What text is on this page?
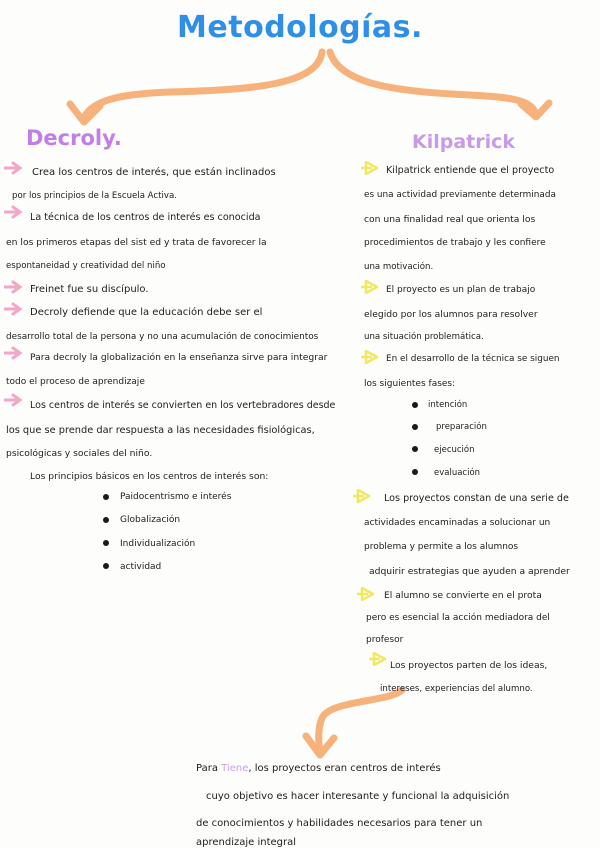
Metodologías.
Decroly.
Crea los centros de interés, que están inclinados
por los principios de la Escuela Activa.
La técnica de los centros de interés es conocida
en los primeros etapas del sist ed y trata de favorecer la
espontaneidad y creatividad del niño
Freinet fue su discípulo.
Decroly defiende que la educación debe ser el
desarrollo total de la persona y no una acumulación de conocimientos
Para decroly la globalización en la enseñanza sirve para integrar
todo el proceso de aprendizaje
Los centros de interés se convierten en los vertebradores desde
los que se prende dar respuesta a las necesidades fisiológicas,
psicológicas y sociales del niño.
Los principios básicos en los centros de interés son:
Paidocentrismo e interés
Globalización
Individualización
actividad
Kilpatrick
Kilpatrick entiende que el proyecto
es una actividad previamente determinada
con una finalidad real que orienta los
procedimientos de trabajo y les confiere
una motivación.
El proyecto es un plan de trabajo
elegido por los alumnos para resolver
una situación problemática.
En el desarrollo de la técnica se siguen
los siguientes fases:
intención
preparación
ejecución
evaluación
Los proyectos constan de una serie de
actividades encaminadas a solucionar un
problema y permite a los alumnos
adquirir estrategias que ayuden a aprender
El alumno se convierte en el prota
pero es esencial la acción mediadora del
profesor
Los proyectos parten de los ideas,
intereses, experiencias del alumno.
Para Tiene, los proyectos eran centros de interés
cuyo objetivo es hacer interesante y funcional la adquisición
de conocimientos y habilidades necesarios para tener un
aprendizaje integral
